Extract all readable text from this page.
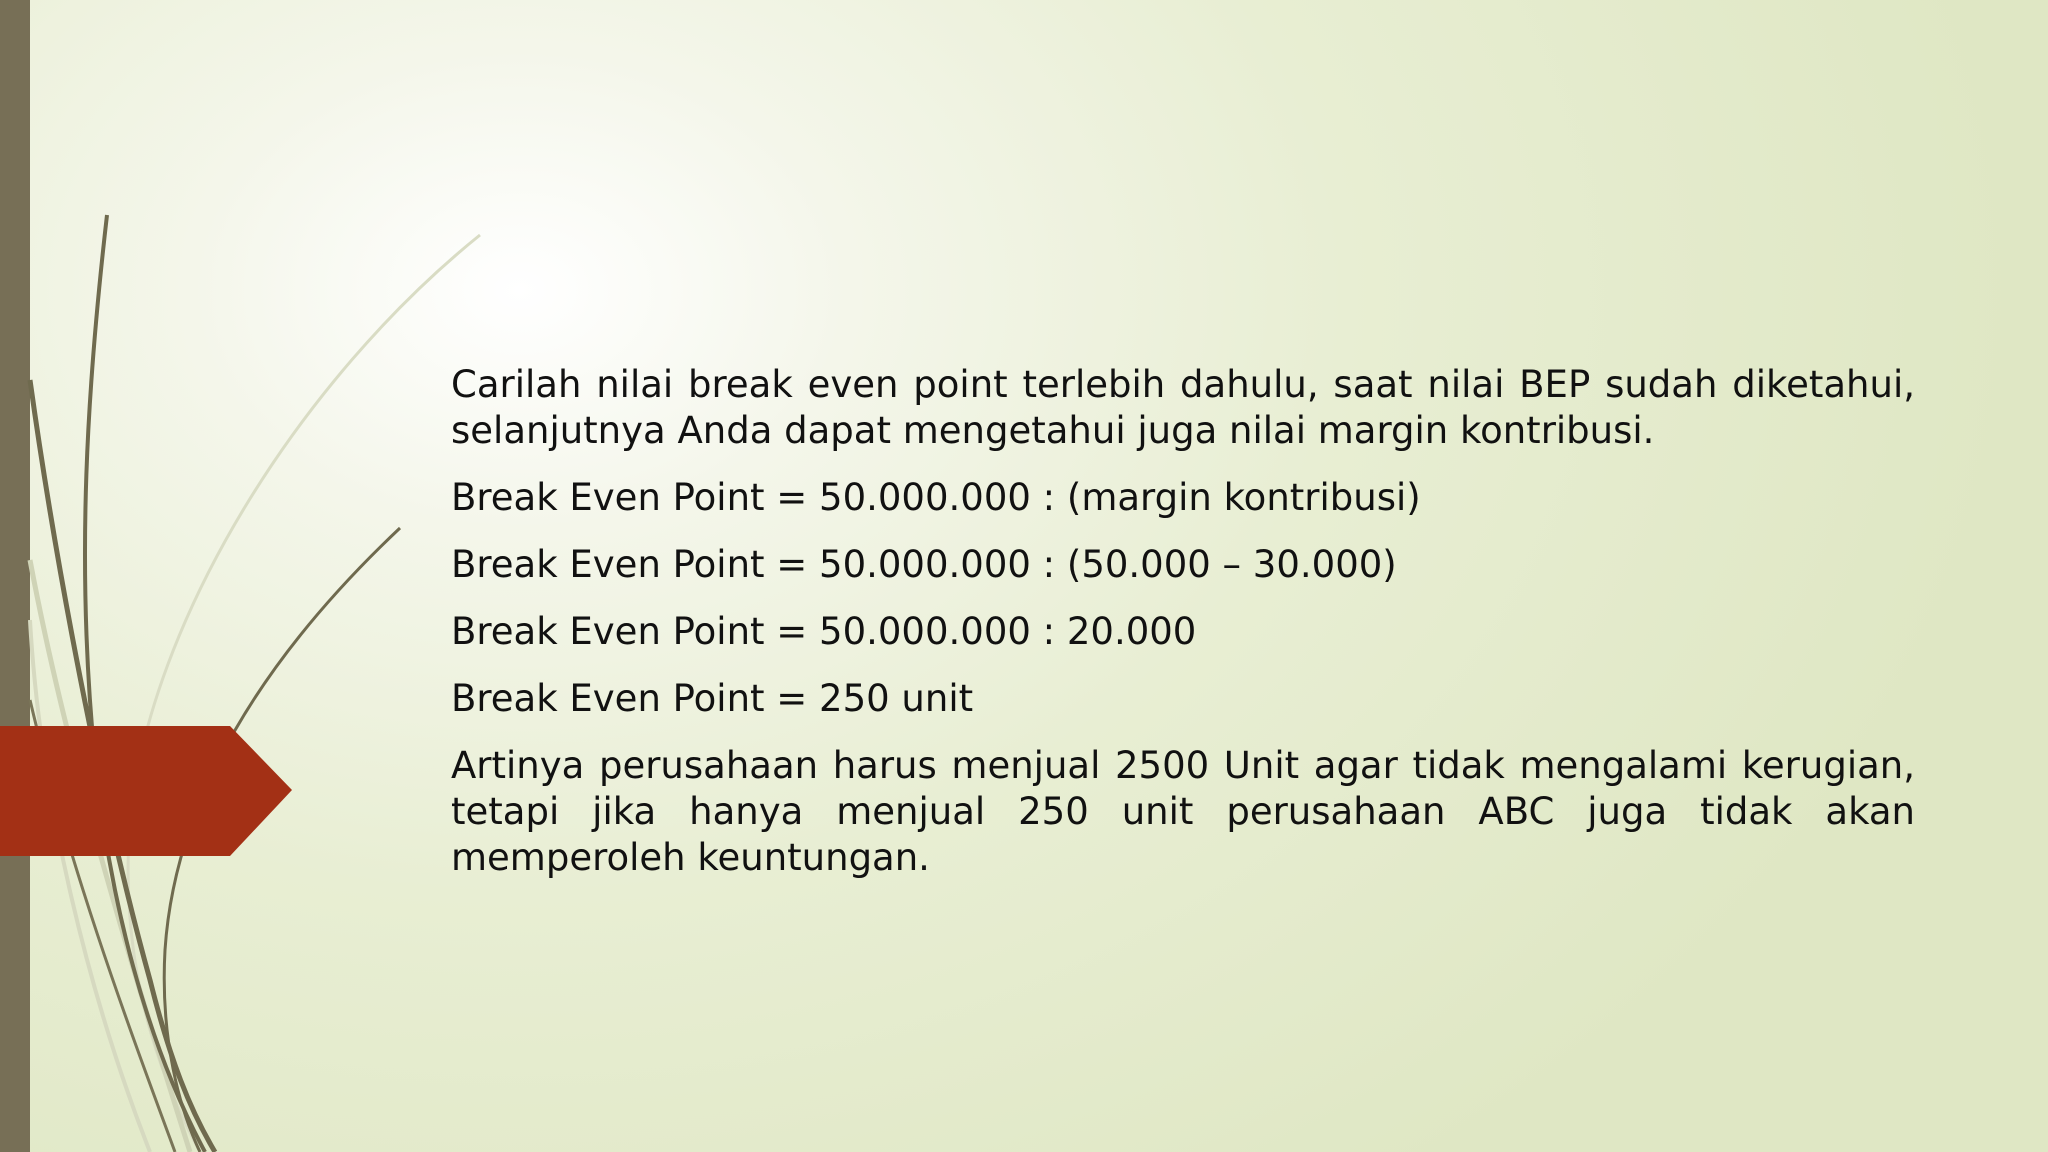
Carilah nilai break even point terlebih dahulu, saat nilai BEP sudah diketahui, selanjutnya Anda dapat mengetahui juga nilai margin kontribusi.

Break Even Point = 50.000.000 : (margin kontribusi)

Break Even Point = 50.000.000 : (50.000 – 30.000)

Break Even Point = 50.000.000 : 20.000

Break Even Point = 250 unit

Artinya perusahaan harus menjual 2500 Unit agar tidak mengalami kerugian, tetapi jika hanya menjual 250 unit perusahaan ABC juga tidak akan memperoleh keuntungan.
